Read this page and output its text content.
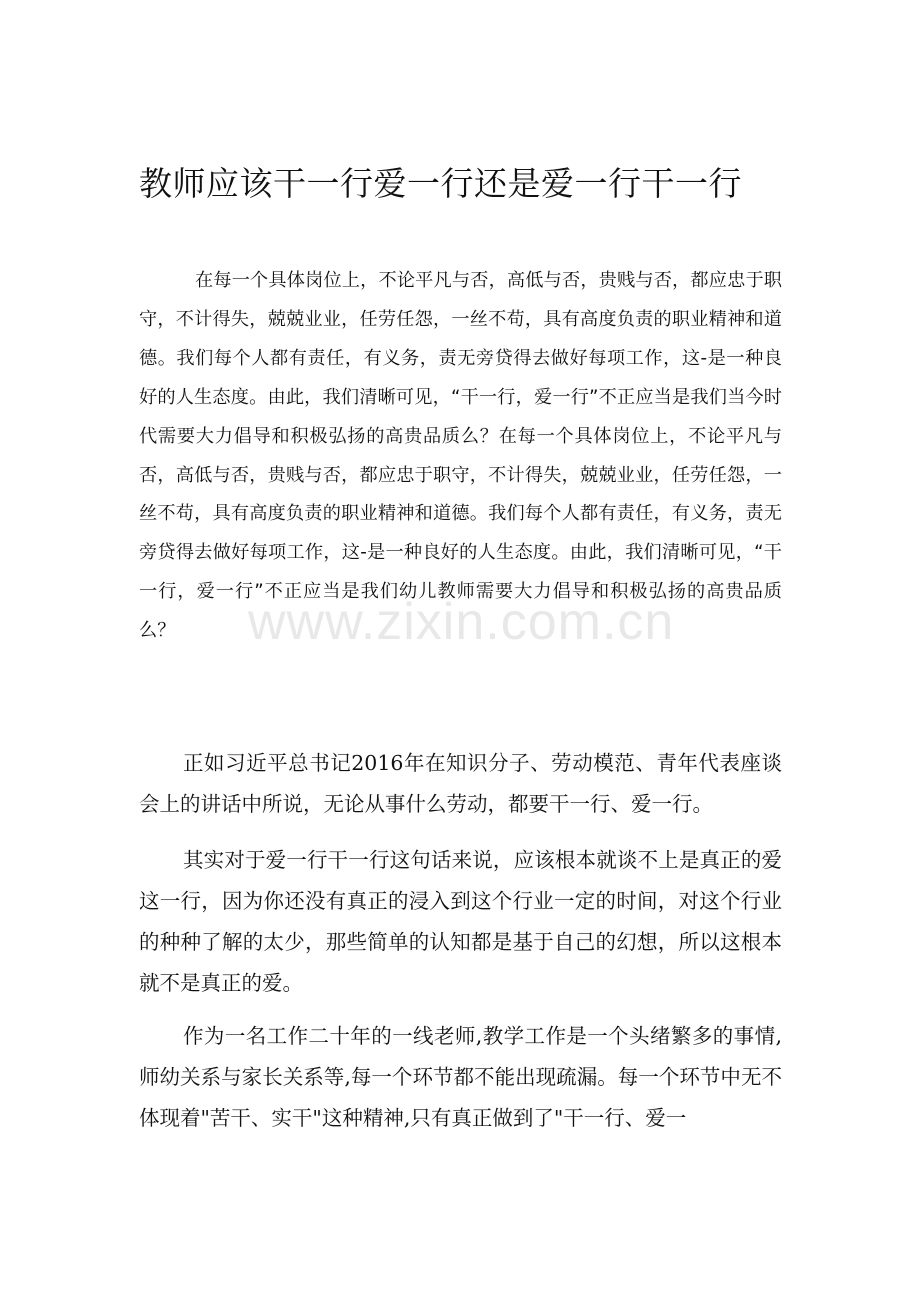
教师应该干一行爱一行还是爱一行干一行

在每一个具体岗位上，不论平凡与否，高低与否，贵贱与否，都应忠于职守，不计得失，兢兢业业，任劳任怨，一丝不苟，具有高度负责的职业精神和道德。我们每个人都有责任，有义务，责无旁贷得去做好每项工作，这-是一种良好的人生态度。由此，我们清晰可见，“干一行，爱一行”不正应当是我们当今时代需要大力倡导和积极弘扬的高贵品质么？在每一个具体岗位上，不论平凡与否，高低与否，贵贱与否，都应忠于职守，不计得失，兢兢业业，任劳任怨，一丝不苟，具有高度负责的职业精神和道德。我们每个人都有责任，有义务，责无旁贷得去做好每项工作，这-是一种良好的人生态度。由此，我们清晰可见，“干一行，爱一行”不正应当是我们幼儿教师需要大力倡导和积极弘扬的高贵品质么？

正如习近平总书记2016年在知识分子、劳动模范、青年代表座谈会上的讲话中所说，无论从事什么劳动，都要干一行、爱一行。

其实对于爱一行干一行这句话来说，应该根本就谈不上是真正的爱这一行，因为你还没有真正的浸入到这个行业一定的时间，对这个行业的种种了解的太少，那些简单的认知都是基于自己的幻想，所以这根本就不是真正的爱。

作为一名工作二十年的一线老师,教学工作是一个头绪繁多的事情,师幼关系与家长关系等,每一个环节都不能出现疏漏。每一个环节中无不体现着"苦干、实干"这种精神,只有真正做到了"干一行、爱一

www.zixin.com.cn
